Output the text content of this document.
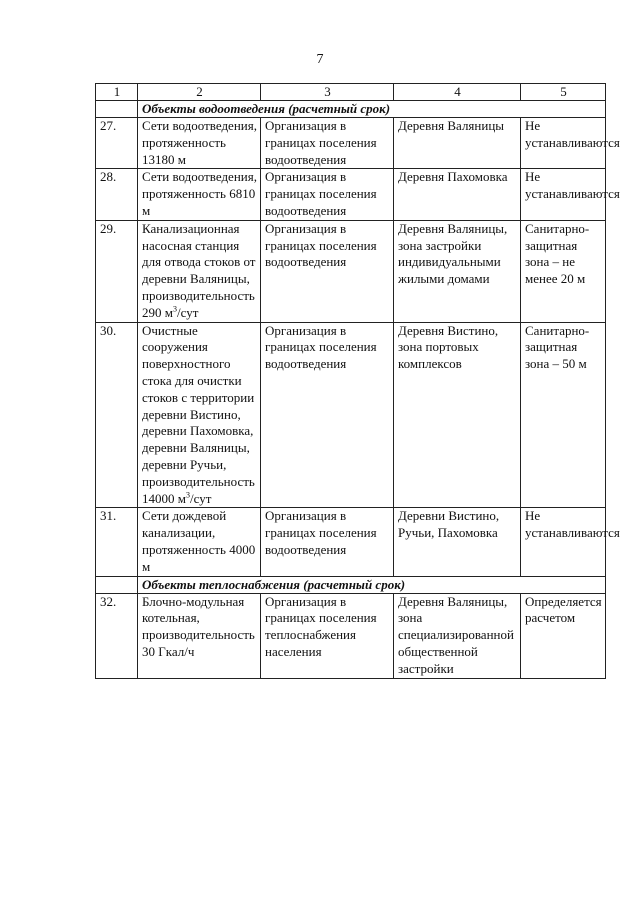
7
1	2	3	4	5
	Объекты водоотведения (расчетный срок)			
27.	Сети водоотведения, протяженность 13180 м	Организация в границах поселения водоотведения	Деревня Валяницы	Не устанавливаются
28.	Сети водоотведения, протяженность 6810 м	Организация в границах поселения водоотведения	Деревня Пахомовка	Не устанавливаются
29.	Канализационная насосная станция для отвода стоков от деревни Валяницы, производительность 290 $м^3$/сут	Организация в границах поселения водоотведения	Деревня Валяницы, зона застройки индивидуальными жилыми домами	Санитарно-защитная зона – не менее 20 м
30.	Очистные сооружения поверхностного стока для очистки стоков с территории деревни Вистино, деревни Пахомовка, деревни Валяницы, деревни Ручьи, производительность 14000 $м^3$/сут	Организация в границах поселения водоотведения	Деревня Вистино, зона портовых комплексов	Санитарно-защитная зона – 50 м
31.	Сети дождевой канализации, протяженность 4000 м	Организация в границах поселения водоотведения	Деревни Вистино, Ручьи, Пахомовка	Не устанавливаются
	Объекты теплоснабжения (расчетный срок)			
32.	Блочно-модульная котельная, производительность 30 Гкал/ч	Организация в границах поселения теплоснабжения населения	Деревня Валяницы, зона специализированной общественной застройки	Определяется расчетом
